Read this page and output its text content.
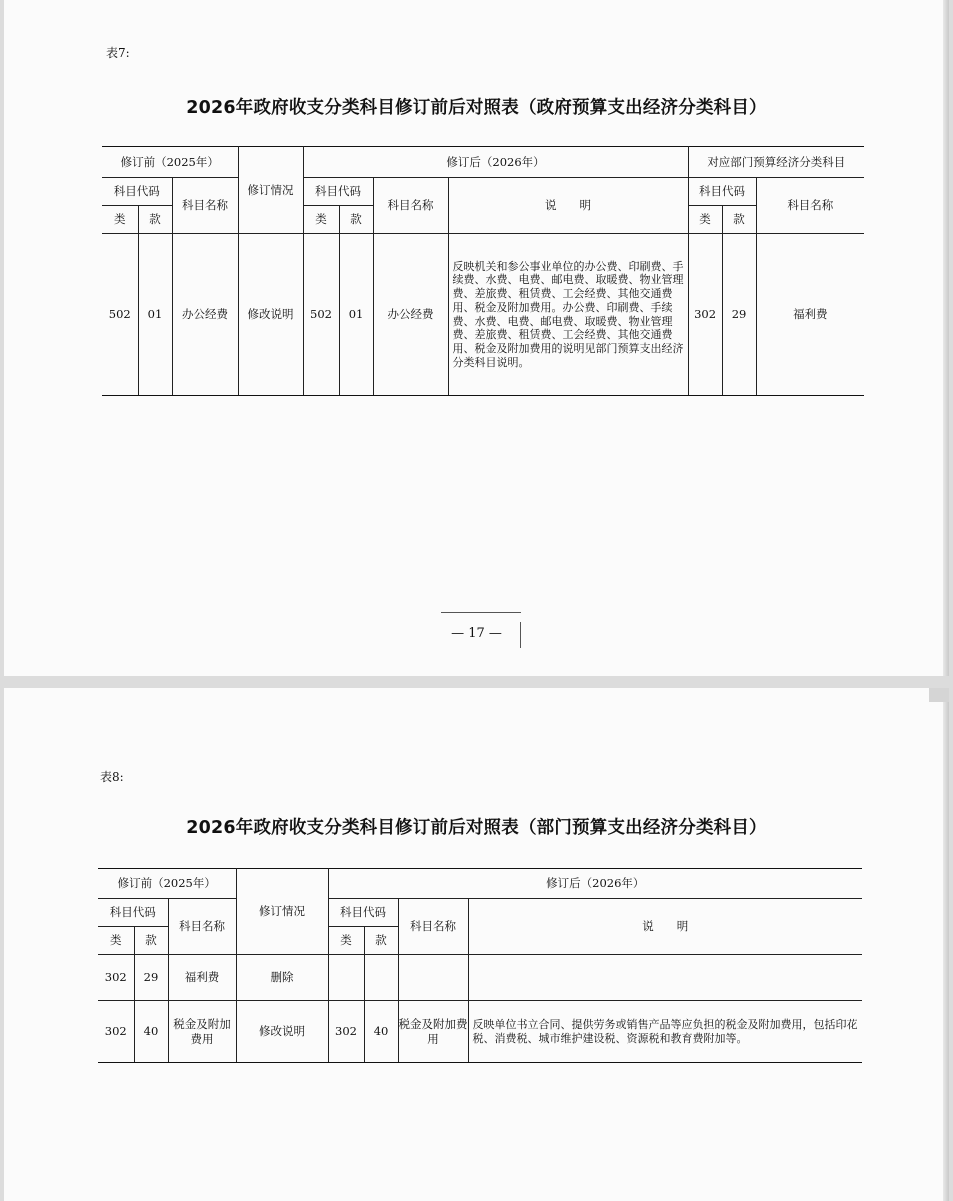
表7:
2026年政府收支分类科目修订前后对照表（政府预算支出经济分类科目）
修订前（2025年）			修订情况	修订后（2026年）				对应部门预算经济分类科目		
科目代码		科目名称		科目代码		科目名称	说　　明	科目代码		科目名称
类	款			类	款			类	款	
502	01	办公经费	修改说明	502	01	办公经费	反映机关和参公事业单位的办公费、印刷费、手续费、水费、电费、邮电费、取暖费、物业管理费、差旅费、租赁费、工会经费、其他交通费用、税金及附加费用。办公费、印刷费、手续费、水费、电费、邮电费、取暖费、物业管理费、差旅费、租赁费、工会经费、其他交通费用、税金及附加费用的说明见部门预算支出经济分类科目说明。	302	29	福利费
— 17 —
表8:
2026年政府收支分类科目修订前后对照表（部门预算支出经济分类科目）
修订前（2025年）			修订情况	修订后（2026年）			
科目代码		科目名称		科目代码		科目名称	说　　明
类	款			类	款		
302	29	福利费	删除				
302	40	税金及附加费用	修改说明	302	40	税金及附加费用	反映单位书立合同、提供劳务或销售产品等应负担的税金及附加费用，包括印花税、消费税、城市维护建设税、资源税和教育费附加等。
